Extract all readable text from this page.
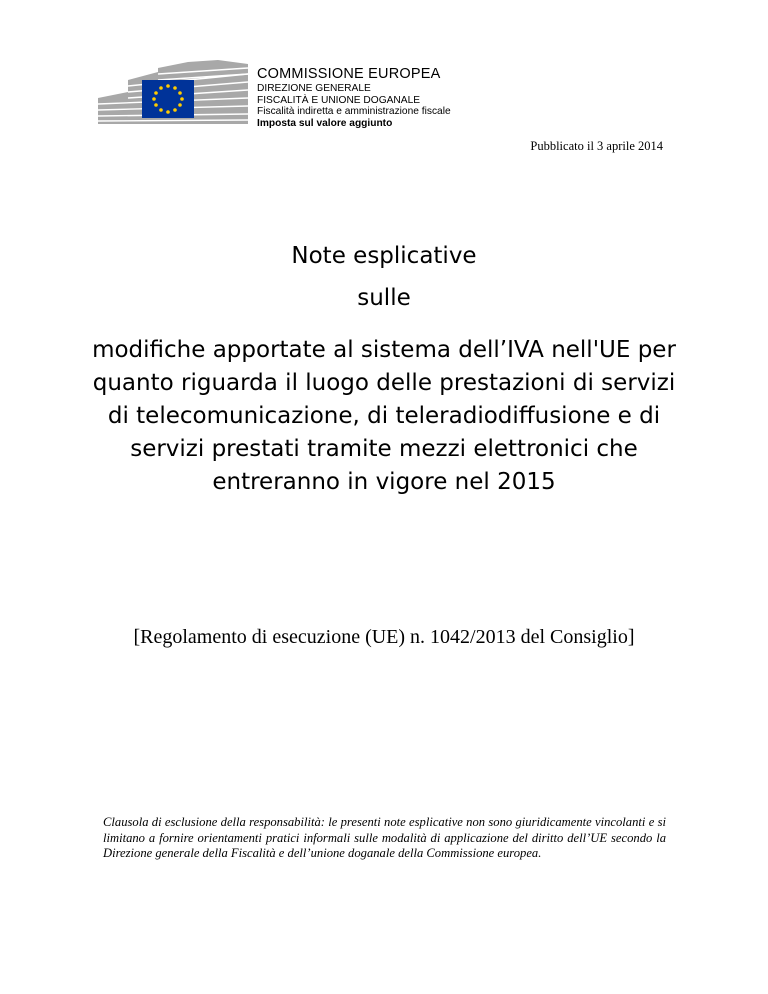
COMMISSIONE EUROPEA
DIREZIONE GENERALE
FISCALITÀ E UNIONE DOGANALE
Fiscalità indiretta e amministrazione fiscale
Imposta sul valore aggiunto
Pubblicato il 3 aprile 2014
Note esplicative
sulle
modifiche apportate al sistema dell’IVA nell'UE per quanto riguarda il luogo delle prestazioni di servizi di telecomunicazione, di teleradiodiffusione e di servizi prestati tramite mezzi elettronici che entreranno in vigore nel 2015
[Regolamento di esecuzione (UE) n. 1042/2013 del Consiglio]
Clausola di esclusione della responsabilità: le presenti note esplicative non sono giuridicamente vincolanti e si limitano a fornire orientamenti pratici informali sulle modalità di applicazione del diritto dell’UE secondo la Direzione generale della Fiscalità e dell’unione doganale della Commissione europea.
